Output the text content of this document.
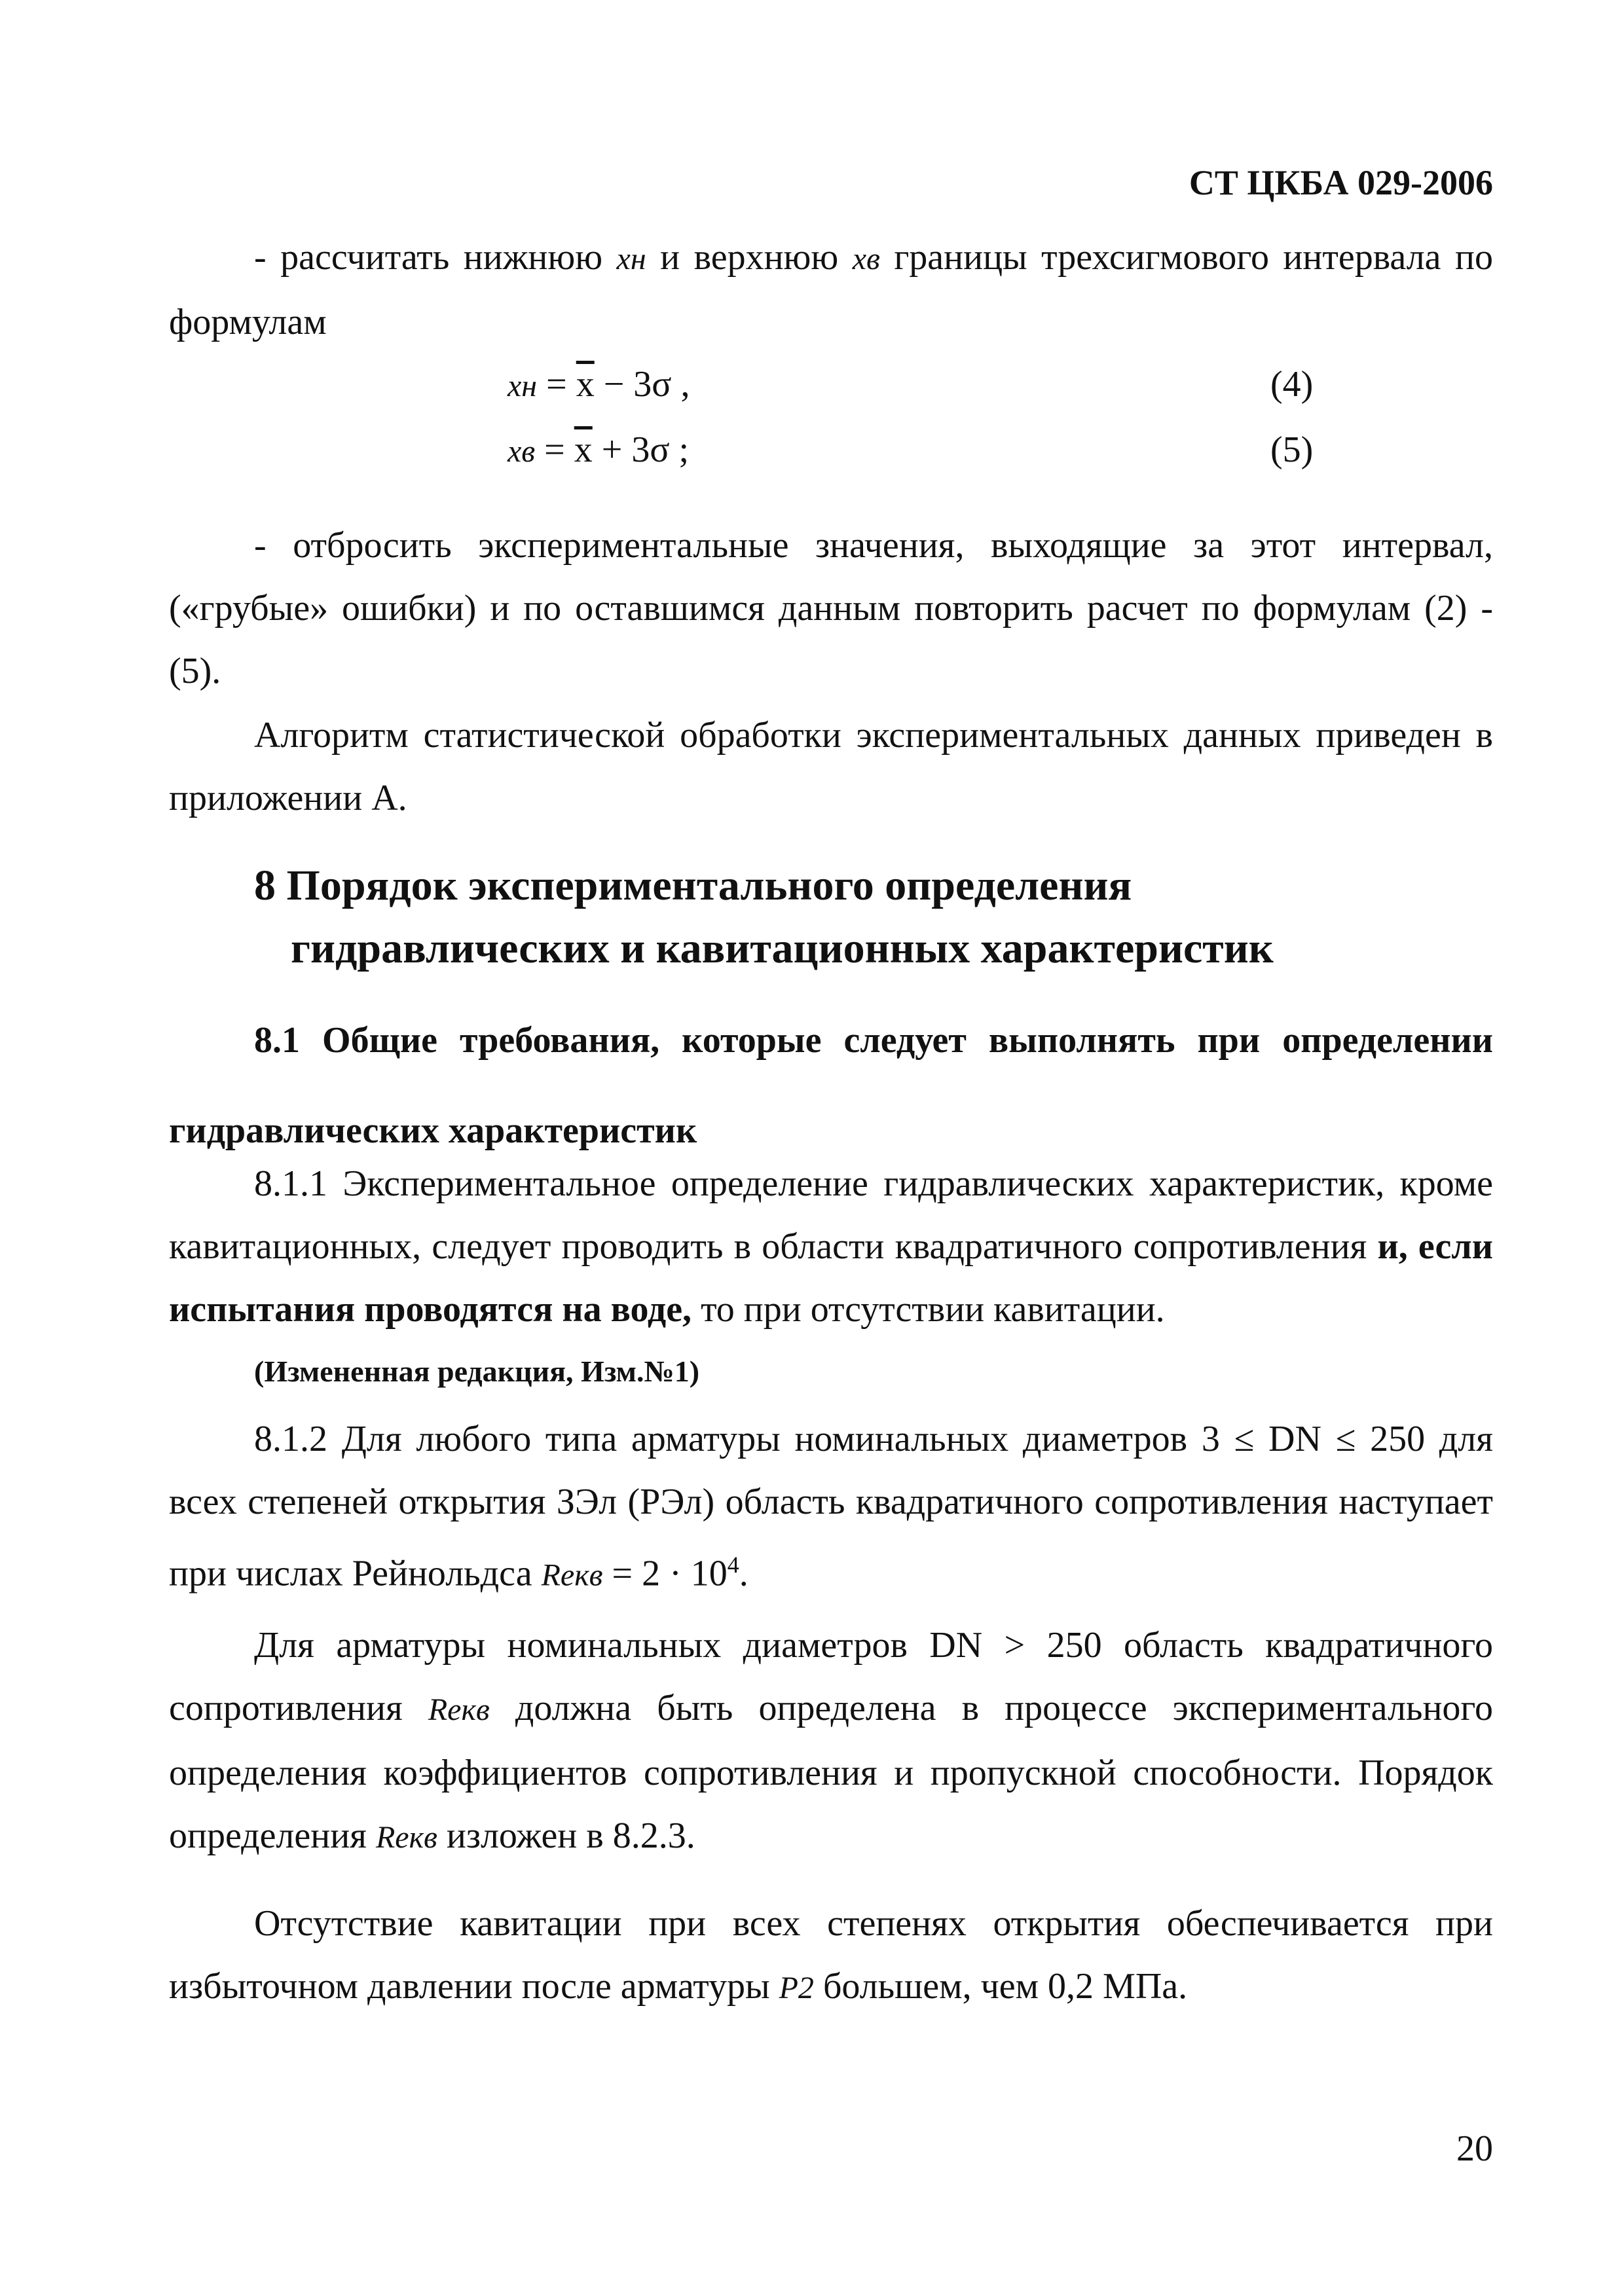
СТ ЦКБА 029-2006

- рассчитать нижнюю xн и верхнюю xв границы трехсигмового интервала по формулам

xн = $\overline{x} - 3\sigma$ ,	(4)
xв = $\overline{x} + 3\sigma$ ;	(5)

- отбросить экспериментальные значения, выходящие за этот интервал, («грубые» ошибки) и по оставшимся данным повторить расчет по формулам (2) - (5).

Алгоритм статистической обработки экспериментальных данных приведен в приложении А.

8 Порядок экспериментального определения
гидравлических и кавитационных характеристик
8.1 Общие требования, которые следует выполнять при определении гидравлических характеристик

8.1.1 Экспериментальное определение гидравлических характеристик, кроме кавитационных, следует проводить в области квадратичного сопротивления и, если испытания проводятся на воде, то при отсутствии кавитации.

(Измененная редакция, Изм.№1)

8.1.2 Для любого типа арматуры номинальных диаметров 3 ≤ DN ≤ 250 для всех степеней открытия ЗЭл (РЭл) область квадратичного сопротивления наступает при числах Рейнольдса Reкв = $2 \cdot 10^4$.

Для арматуры номинальных диаметров DN > 250 область квадратичного сопротивления Reкв должна быть определена в процессе экспериментального определения коэффициентов сопротивления и пропускной способности. Порядок определения Reкв изложен в 8.2.3.

Отсутствие кавитации при всех степенях открытия обеспечивается при избыточном давлении после арматуры P2 большем, чем 0,2 МПа.

20
